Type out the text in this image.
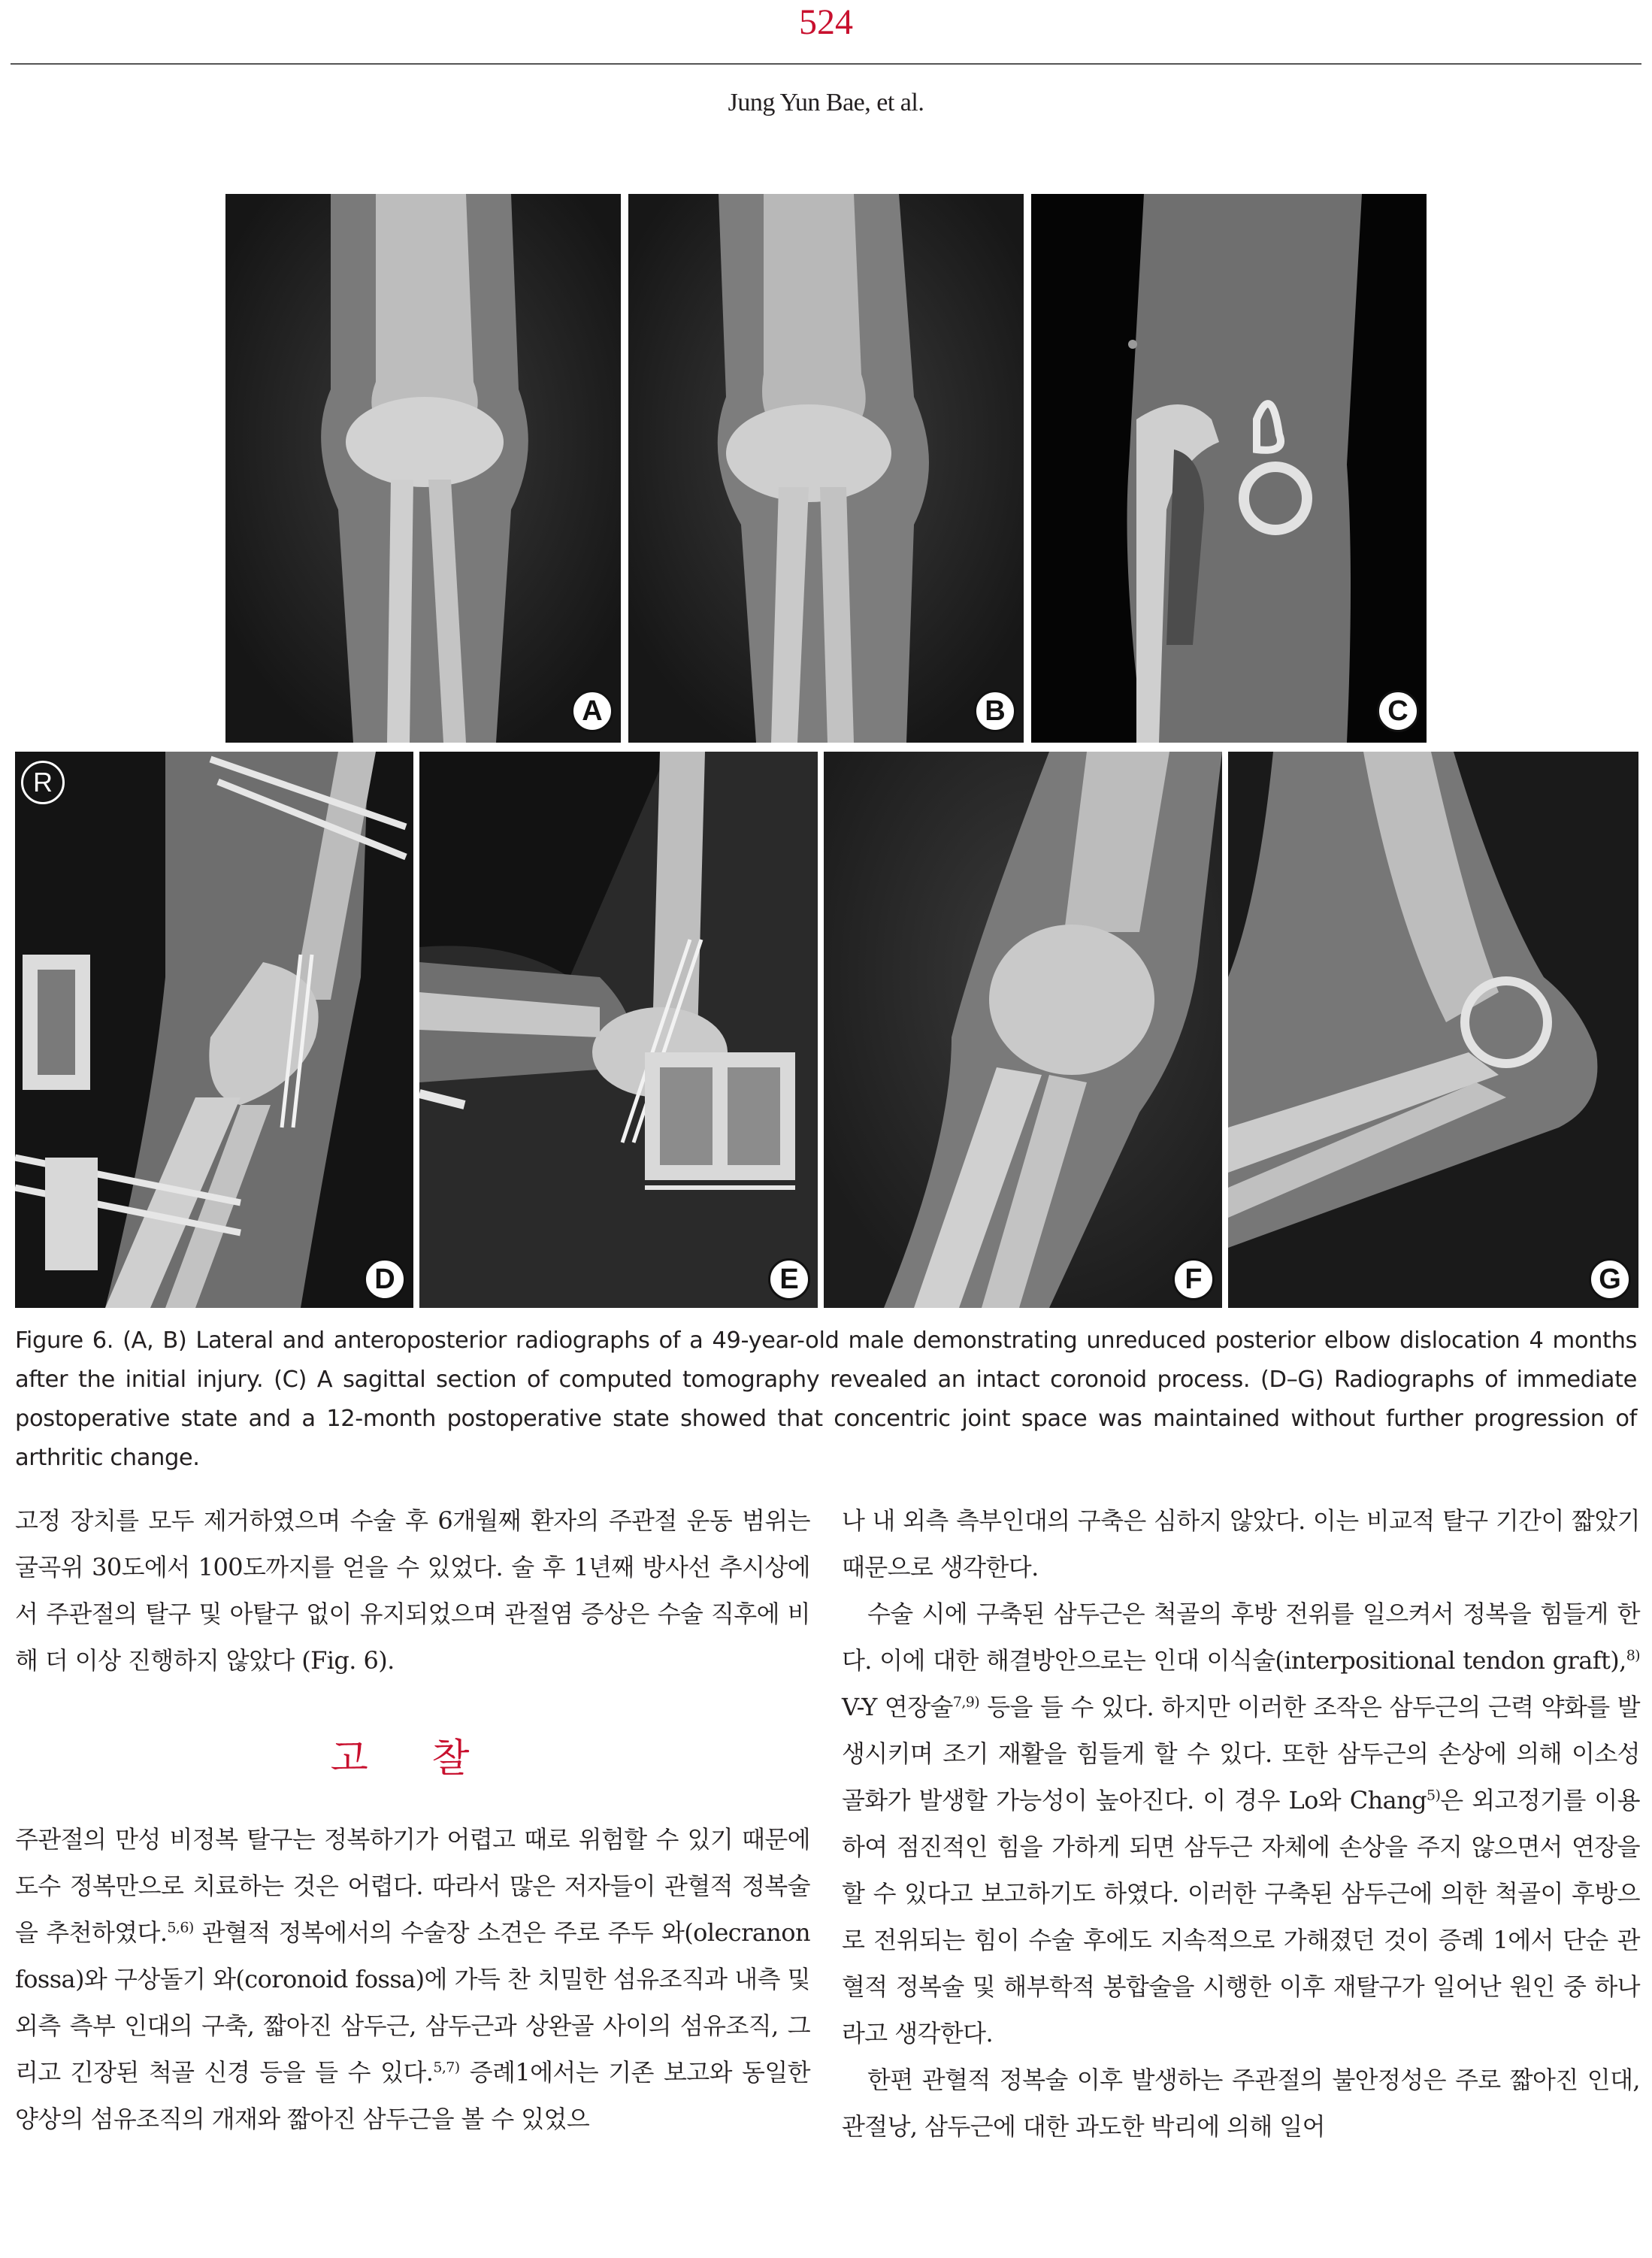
524
Jung Yun Bae, et al.
A	B	C
R
D	E	F	G
Figure 6. (A, B) Lateral and anteroposterior radiographs of a 49-year-old male demonstrating unreduced posterior elbow dislocation 4 months after the initial injury. (C) A sagittal section of computed tomography revealed an intact coronoid process. (D–G) Radiographs of immediate postoperative state and a 12-month postoperative state showed that concentric joint space was maintained without further progression of arthritic change.

고정 장치를 모두 제거하였으며 수술 후 6개월째 환자의 주관절 운동 범위는 굴곡위 30도에서 100도까지를 얻을 수 있었다. 술 후 1년째 방사선 추시상에서 주관절의 탈구 및 아탈구 없이 유지되었으며 관절염 증상은 수술 직후에 비해 더 이상 진행하지 않았다 (Fig. 6).

고 찰

주관절의 만성 비정복 탈구는 정복하기가 어렵고 때로 위험할 수 있기 때문에 도수 정복만으로 치료하는 것은 어렵다. 따라서 많은 저자들이 관혈적 정복술을 추천하였다.$^{5,6)}$ 관혈적 정복에서의 수술장 소견은 주로 주두 와(olecranon fossa)와 구상돌기 와(coronoid fossa)에 가득 찬 치밀한 섬유조직과 내측 및 외측 측부 인대의 구축, 짧아진 삼두근, 삼두근과 상완골 사이의 섬유조직, 그리고 긴장된 척골 신경 등을 들 수 있다.$^{5,7)}$ 증례1에서는 기존 보고와 동일한 양상의 섬유조직의 개재와 짧아진 삼두근을 볼 수 있었으

나 내 외측 측부인대의 구축은 심하지 않았다. 이는 비교적 탈구 기간이 짧았기 때문으로 생각한다.

수술 시에 구축된 삼두근은 척골의 후방 전위를 일으켜서 정복을 힘들게 한다. 이에 대한 해결방안으로는 인대 이식술(interpositional tendon graft),$^{8)}$ V-Y 연장술$^{7,9)}$ 등을 들 수 있다. 하지만 이러한 조작은 삼두근의 근력 약화를 발생시키며 조기 재활을 힘들게 할 수 있다. 또한 삼두근의 손상에 의해 이소성 골화가 발생할 가능성이 높아진다. 이 경우 Lo와 Chang$^{5)}$은 외고정기를 이용하여 점진적인 힘을 가하게 되면 삼두근 자체에 손상을 주지 않으면서 연장을 할 수 있다고 보고하기도 하였다. 이러한 구축된 삼두근에 의한 척골이 후방으로 전위되는 힘이 수술 후에도 지속적으로 가해졌던 것이 증례 1에서 단순 관혈적 정복술 및 해부학적 봉합술을 시행한 이후 재탈구가 일어난 원인 중 하나라고 생각한다.

한편 관혈적 정복술 이후 발생하는 주관절의 불안정성은 주로 짧아진 인대, 관절낭, 삼두근에 대한 과도한 박리에 의해 일어
